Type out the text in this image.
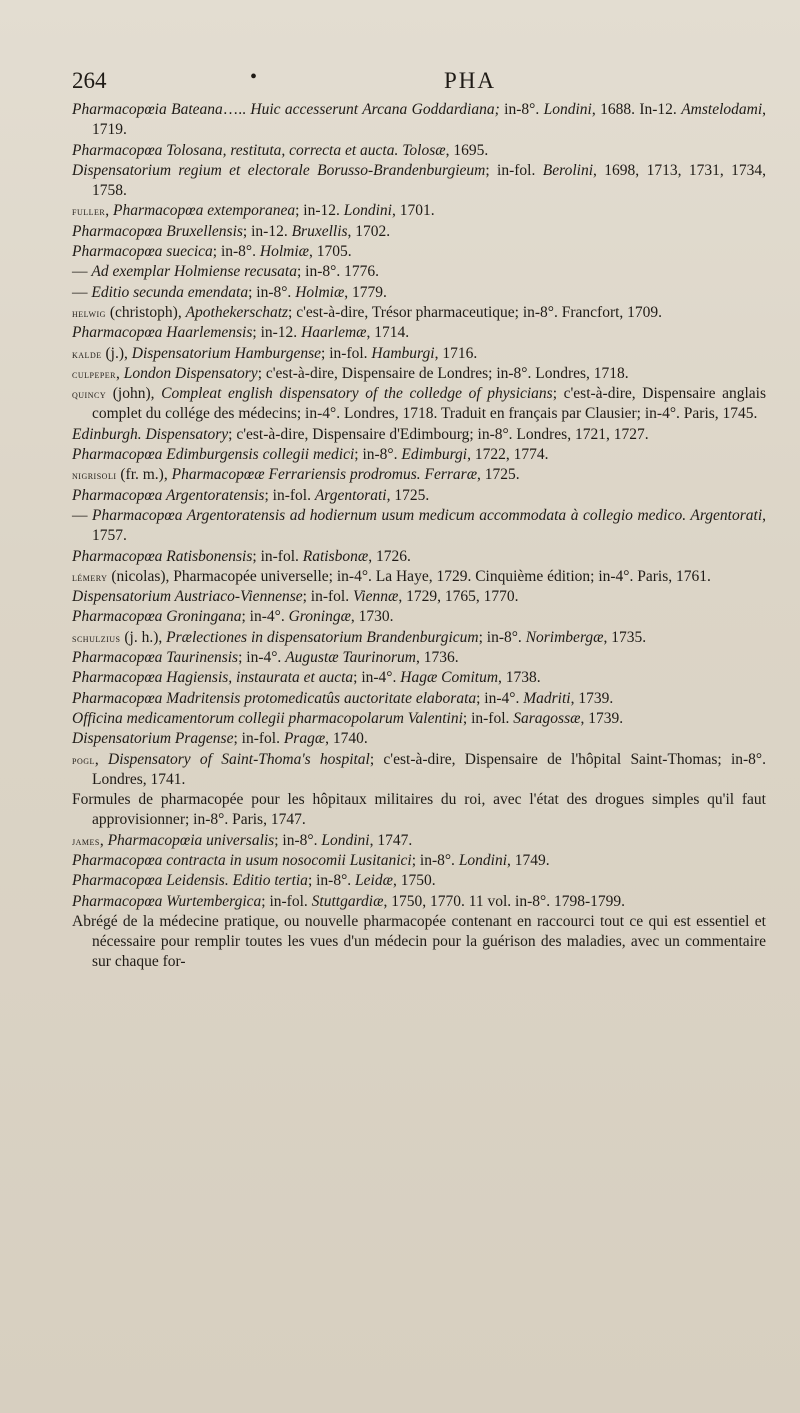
264	•	PHA

Pharmacopœia Bateana….. Huic accesserunt Arcana Goddardiana; in-8°. Londini, 1688. In-12. Amstelodami, 1719.

Pharmacopœa Tolosana, restituta, correcta et aucta. Tolosæ, 1695.

Dispensatorium regium et electorale Borusso-Brandenburgieum; in-fol. Berolini, 1698, 1713, 1731, 1734, 1758.

fuller, Pharmacopœa extemporanea; in-12. Londini, 1701.

Pharmacopœa Bruxellensis; in-12. Bruxellis, 1702.

Pharmacopœa suecica; in-8°. Holmiæ, 1705.

— Ad exemplar Holmiense recusata; in-8°. 1776.

— Editio secunda emendata; in-8°. Holmiæ, 1779.

helwig (christoph), Apothekerschatz; c'est-à-dire, Trésor pharmaceutique; in-8°. Francfort, 1709.

Pharmacopœa Haarlemensis; in-12. Haarlemæ, 1714.

kalde (j.), Dispensatorium Hamburgense; in-fol. Hamburgi, 1716.

culpeper, London Dispensatory; c'est-à-dire, Dispensaire de Londres; in-8°. Londres, 1718.

quincy (john), Compleat english dispensatory of the colledge of physicians; c'est-à-dire, Dispensaire anglais complet du collége des médecins; in-4°. Londres, 1718. Traduit en français par Clausier; in-4°. Paris, 1745.

Edinburgh. Dispensatory; c'est-à-dire, Dispensaire d'Edimbourg; in-8°. Londres, 1721, 1727.

Pharmacopœa Edimburgensis collegii medici; in-8°. Edimburgi, 1722, 1774.

nigrisoli (fr. m.), Pharmacopœæ Ferrariensis prodromus. Ferraræ, 1725.

Pharmacopœa Argentoratensis; in-fol. Argentorati, 1725.

— Pharmacopœa Argentoratensis ad hodiernum usum medicum accommodata à collegio medico. Argentorati, 1757.

Pharmacopœa Ratisbonensis; in-fol. Ratisbonæ, 1726.

lémery (nicolas), Pharmacopée universelle; in-4°. La Haye, 1729. Cinquième édition; in-4°. Paris, 1761.

Dispensatorium Austriaco-Viennense; in-fol. Viennæ, 1729, 1765, 1770.

Pharmacopœa Groningana; in-4°. Groningæ, 1730.

schulzius (j. h.), Prælectiones in dispensatorium Brandenburgicum; in-8°. Norimbergæ, 1735.

Pharmacopœa Taurinensis; in-4°. Augustæ Taurinorum, 1736.

Pharmacopœa Hagiensis, instaurata et aucta; in-4°. Hagæ Comitum, 1738.

Pharmacopœa Madritensis protomedicatûs auctoritate elaborata; in-4°. Madriti, 1739.

Officina medicamentorum collegii pharmacopolarum Valentini; in-fol. Saragossæ, 1739.

Dispensatorium Pragense; in-fol. Pragæ, 1740.

pogl, Dispensatory of Saint-Thoma's hospital; c'est-à-dire, Dispensaire de l'hôpital Saint-Thomas; in-8°. Londres, 1741.

Formules de pharmacopée pour les hôpitaux militaires du roi, avec l'état des drogues simples qu'il faut approvisionner; in-8°. Paris, 1747.

james, Pharmacopœia universalis; in-8°. Londini, 1747.

Pharmacopœa contracta in usum nosocomii Lusitanici; in-8°. Londini, 1749.

Pharmacopœa Leidensis. Editio tertia; in-8°. Leidæ, 1750.

Pharmacopœa Wurtembergica; in-fol. Stuttgardiæ, 1750, 1770. 11 vol. in-8°. 1798-1799.

Abrégé de la médecine pratique, ou nouvelle pharmacopée contenant en raccourci tout ce qui est essentiel et nécessaire pour remplir toutes les vues d'un médecin pour la guérison des maladies, avec un commentaire sur chaque for-
